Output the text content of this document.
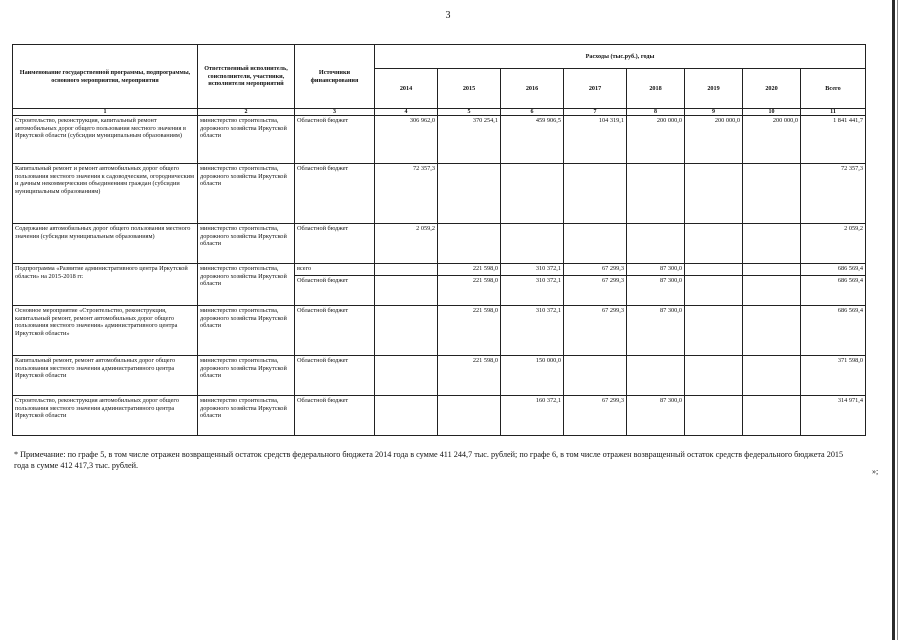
3
Наименование государственной программы, подпрограммы, основного мероприятия, мероприятия	Ответственный исполнитель, соисполнители, участники, исполнители мероприятий	Источники финансирования	Расходы (тыс.руб.), годы							
			2014	2015	2016	2017	2018	2019	2020	Всего
1	2	3	4	5	6	7	8	9	10	11
Строительство, реконструкция, капитальный ремонт автомобильных дорог общего пользования местного значения в Иркутской области (субсидии муниципальным образованиям)	министерство строительства, дорожного хозяйства Иркутской области	Областной бюджет	306 962,0	370 254,1	459 906,5	104 319,1	200 000,0	200 000,0	200 000,0	1 841 441,7
Капитальный ремонт и ремонт автомобильных дорог общего пользования местного значения к садоводческим, огородническим и дачным некоммерческим объединениям граждан (субсидии муниципальным образованиям)	министерство строительства, дорожного хозяйства Иркутской области	Областной бюджет	72 357,3							72 357,3
Содержание автомобильных дорог общего пользования местного значения (субсидии муниципальным образованиям)	министерство строительства, дорожного хозяйства Иркутской области	Областной бюджет	2 059,2							2 059,2
Подпрограмма «Развитие административного центра Иркутской области» на 2015-2018 гг.	министерство строительства, дорожного хозяйства Иркутской области	всего		221 598,0	310 372,1	67 299,3	87 300,0			686 569,4
		Областной бюджет		221 598,0	310 372,1	67 299,3	87 300,0			686 569,4
Основное мероприятие «Строительство, реконструкция, капитальный ремонт, ремонт автомобильных дорог общего пользования местного значения» административного центра Иркутской области»	министерство строительства, дорожного хозяйства Иркутской области	Областной бюджет		221 598,0	310 372,1	67 299,3	87 300,0			686 569,4
Капитальный ремонт, ремонт автомобильных дорог общего пользования местного значения административного центра Иркутской области	министерство строительства, дорожного хозяйства Иркутской области	Областной бюджет		221 598,0	150 000,0					371 598,0
Строительство, реконструкция автомобильных дорог общего пользования местного значения административного центра Иркутской области	министерство строительства, дорожного хозяйства Иркутской области	Областной бюджет			160 372,1	67 299,3	87 300,0			314 971,4
* Примечание: по графе 5, в том числе отражен возвращенный остаток средств федерального бюджета 2014 года в сумме 411 244,7 тыс. рублей; по графе 6, в том числе отражен возвращенный остаток средств федерального бюджета 2015 года в сумме 412 417,3 тыс. рублей.
»;
